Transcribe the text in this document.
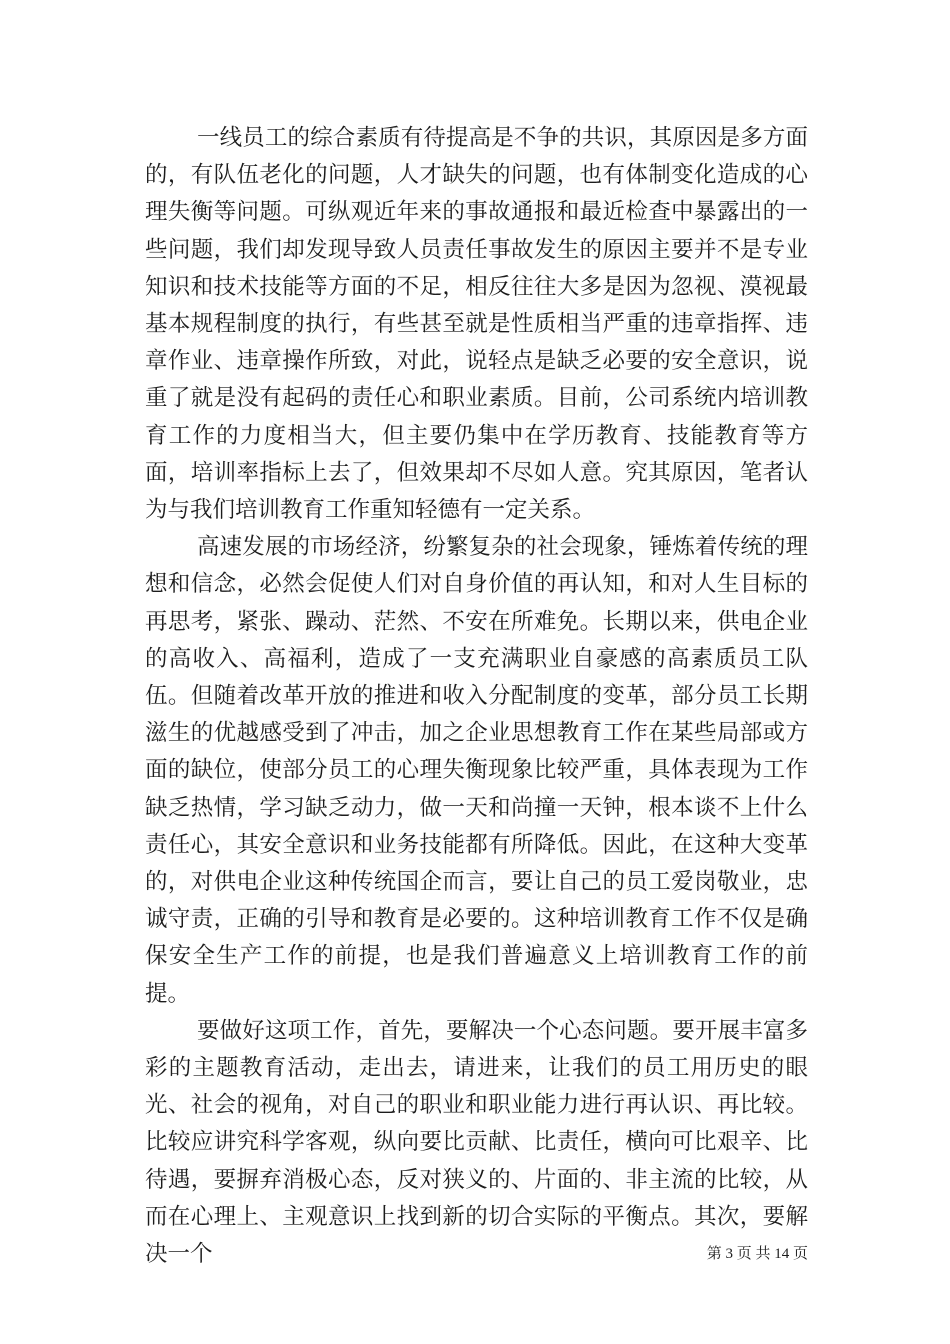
一线员工的综合素质有待提高是不争的共识，其原因是多方面的，有队伍老化的问题，人才缺失的问题，也有体制变化造成的心理失衡等问题。可纵观近年来的事故通报和最近检查中暴露出的一些问题，我们却发现导致人员责任事故发生的原因主要并不是专业知识和技术技能等方面的不足，相反往往大多是因为忽视、漠视最基本规程制度的执行，有些甚至就是性质相当严重的违章指挥、违章作业、违章操作所致，对此，说轻点是缺乏必要的安全意识，说重了就是没有起码的责任心和职业素质。目前，公司系统内培训教育工作的力度相当大，但主要仍集中在学历教育、技能教育等方面，培训率指标上去了，但效果却不尽如人意。究其原因，笔者认为与我们培训教育工作重知轻德有一定关系。

高速发展的市场经济，纷繁复杂的社会现象，锤炼着传统的理想和信念，必然会促使人们对自身价值的再认知，和对人生目标的再思考，紧张、躁动、茫然、不安在所难免。长期以来，供电企业的高收入、高福利，造成了一支充满职业自豪感的高素质员工队伍。但随着改革开放的推进和收入分配制度的变革，部分员工长期滋生的优越感受到了冲击，加之企业思想教育工作在某些局部或方面的缺位，使部分员工的心理失衡现象比较严重，具体表现为工作缺乏热情，学习缺乏动力，做一天和尚撞一天钟，根本谈不上什么责任心，其安全意识和业务技能都有所降低。因此，在这种大变革的，对供电企业这种传统国企而言，要让自己的员工爱岗敬业，忠诚守责，正确的引导和教育是必要的。这种培训教育工作不仅是确保安全生产工作的前提，也是我们普遍意义上培训教育工作的前提。

要做好这项工作，首先，要解决一个心态问题。要开展丰富多彩的主题教育活动，走出去，请进来，让我们的员工用历史的眼光、社会的视角，对自己的职业和职业能力进行再认识、再比较。比较应讲究科学客观，纵向要比贡献、比责任，横向可比艰辛、比待遇，要摒弃消极心态，反对狭义的、片面的、非主流的比较，从而在心理上、主观意识上找到新的切合实际的平衡点。其次，要解决一个	第 3 页 共 14 页
